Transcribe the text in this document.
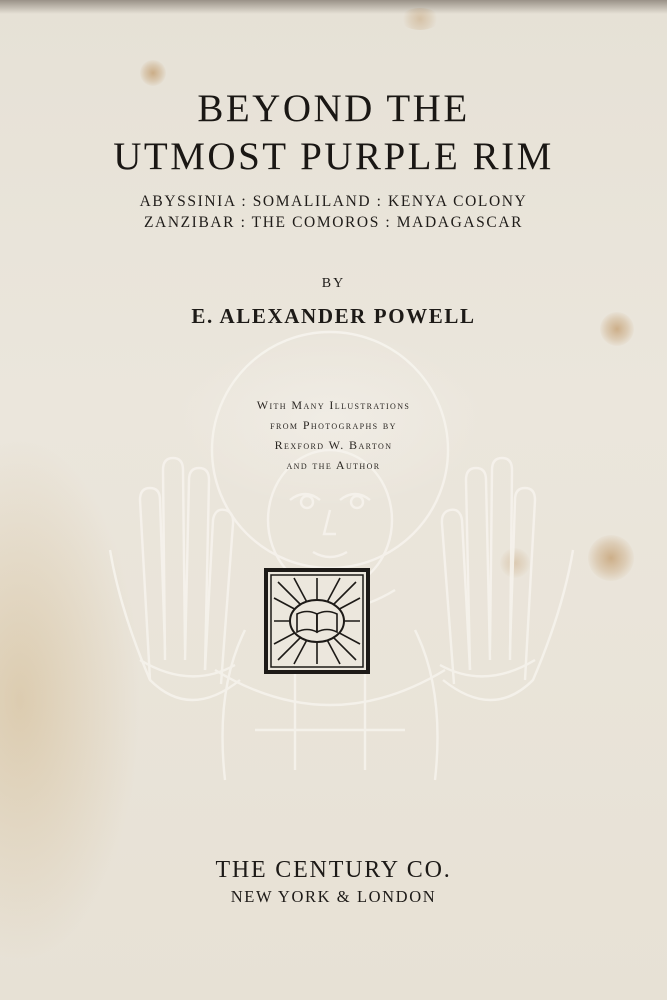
BEYOND THE
UTMOST PURPLE RIM
ABYSSINIA : SOMALILAND : KENYA COLONY
ZANZIBAR : THE COMOROS : MADAGASCAR
BY
E. ALEXANDER POWELL
With Many Illustrations
from Photographs by
Rexford W. Barton
and the Author
THE CENTURY CO.
NEW YORK & LONDON
